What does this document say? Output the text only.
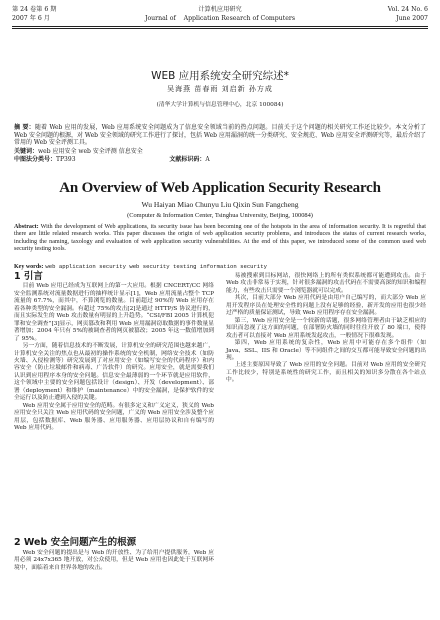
第 24 卷第 6 期	计算机应用研究	Vol. 24 No. 6
2007 年 6 月	Journal of    Application Research of Computers	June 2007
WEB 应用系统安全研究综述*
吴海燕 苗春雨 刘启新 孙方成
(清华大学计算机与信息管理中心，北京 100084)
摘 要：随着 Web 应用的发展，Web 应用系统安全问题成为了信息安全领域当前的热点问题。目前关于这个问题的相关研究工作还比较少。本文分析了 Web 安全问题的根源，对 Web 安全领域的研究工作进行了探讨，包括 Web 应用漏洞的统一分类研究、安全规范、Web 应用安全评测研究等，最后介绍了常用的 Web 安全评测工具。
关键词：web 应用安全 web 安全评测 信息安全
中图法分类号：TP393	文献标识码：A
An Overview of Web Application Security Research
Wu Haiyan Miao Chunyu Liu Qixin Sun Fangcheng
(Computer & Information Center, Tsinghua University, Beijing, 100084)
Abstract: With the development of Web applications, its security issue has been becoming one of the hotspots in the area of information security. It is regretful that there are little related research works. This paper discusses the origin of web application security problems, and introduces the status of current research works, including the naming, taxology and evaluation of web application security vulnerabilities. At the end of this paper, we introduced some of the common used web security testing tools.
Key words: web application security web security testing information security
1 引言

目前 Web 应用已经成为互联网上的第一大应用。根据 CNCERT/CC 网络安全监测系统对流量数据进行的抽样统计显示[1]，Web 应用流量占整个 TCP 流量的 67.7%，而其中，不算浏览的数量。目前超过 90%的 Web 应用存在着各种类型的安全漏洞。有超过 75%的攻击[2]是通过 HTTP/S 协议进行的，而且实际发生的 Web 攻击数量有明显的上升趋势。“CSI/FBI 2005 计算机犯罪和安全调查”[3]显示，网页篡改和利用 Web 应用漏洞窃取数据的事件数量显著增加；2004 年只有 5%的被调查者的网页被篡改；2005 年这一数值增加到了 95%。

另一方面，随着信息技术的不断发展，计算机安全的研究范围也越来越广，计算机安全关注的焦点也从最初的操作系统的安全机制，网络安全技术（如防火墙、入侵检测等）研究发展到了对应用安全（如编写安全的代码程序）和内容安全（防止垃圾邮件和病毒、广告软件）的研究。应用安全，就是需要我们认识到应用程序本身的安全问题。信息安全最薄弱的一个环节就是应用软件，这个领域中主要的安全问题包括设计（design）、开发（development）、部署（deployment）和维护（maintenance）中的安全漏洞，是保护软件的安全运行以及防止遭到入侵的关键。

Web 应用安全属于应用安全的范畴。有很多定义和广义定义，狭义的 Web 应用安全只关注 Web 应用代码的安全问题，广义的 Web 应用安全涉及整个应用层，包括数据库、Web 服务器、应用服务器、应用层协议和自有编写的 Web 应用代码。

易被搜索到目标网站，很快网络上的所有类似系统都可能遭到攻击。由于 Web 攻击非常易于实现，针对很多漏洞的攻击代码在不需要高深的知识和编程能力，有些攻击只需要一个浏览器就可以完成。

其次，目前大部分 Web 应用代码是由用户自己编写的，而大部分 Web 应用开发程序员在处理安全性的问题上没有足够的经验，新开发的应用也很少经过严格的质量保证测试，导致 Web 应用程序存在安全漏洞。

第三，Web 应用安全是一个较新的话题，很多网络管理者由于缺乏相应的知识而忽视了这方面的问题，在部署防火墙的同时往往开放了 80 端口，使得攻击者可以直接对 Web 应用系统发起攻击，一般情况下很难发现。

第四，Web 应用系统的复杂性，Web 应用中可能存在多个组件（如 Java、SSL、IIS 和 Oracle）等不同组件之间的交互都可能导致安全问题的出现。

上述主要原因导致了 Web 应用的安全问题。目前对 Web 应用的安全研究工作比较少，特别是系统性的研究工作，而且相关的知识多分散在各个站点中。

2 Web 安全问题产生的根源

Web 安全问题的提出是与 Web 的开放性、为了给用户提供服务，Web 应用必须 24x7x365 地开放，对公众使用，但是 Web 应用也因此处于互联网环境中，面临着来自世界各地的攻击。
